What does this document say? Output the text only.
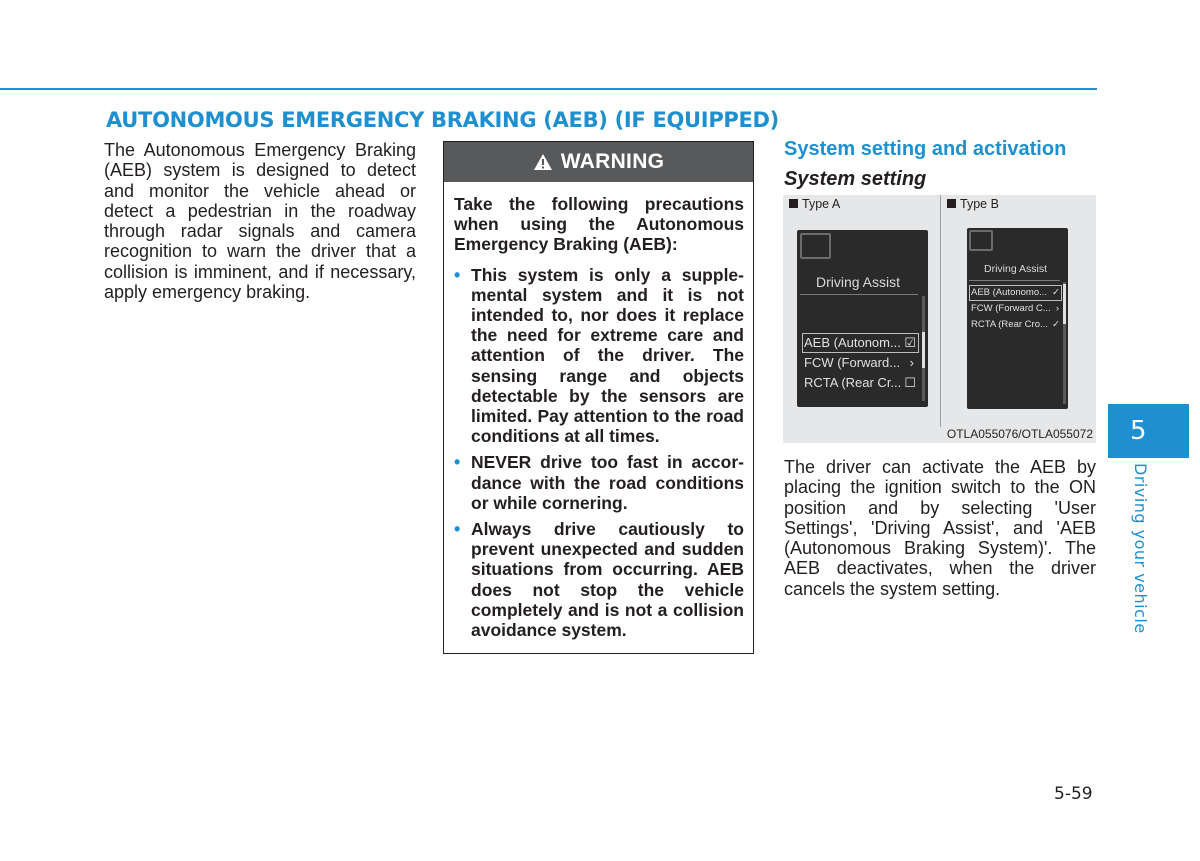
AUTONOMOUS EMERGENCY BRAKING (AEB) (IF EQUIPPED)

The Autonomous Emergency Braking (AEB) system is designed to detect and monitor the vehicle ahead or detect a pedestrian in the roadway through radar signals and camera recognition to warn the driver that a collision is imminent, and if necessary, apply emergency braking.

WARNING

Take the following precautions when using the Autonomous Emergency Braking (AEB):

• This system is only a supplemental system and it is not intended to, nor does it replace the need for extreme care and attention of the driver. The sensing range and objects detectable by the sensors are limited. Pay attention to the road conditions at all times.
• NEVER drive too fast in accordance with the road conditions or while cornering.
• Always drive cautiously to prevent unexpected and sudden situations from occurring. AEB does not stop the vehicle completely and is not a collision avoidance system.
System setting and activation
System setting
Type A	Type B
Driving Assist
AEB (Autonom... ☑
FCW (Forward... ›
RCTA (Rear Cr... ☐
Driving Assist
AEB (Autonomo... ✓
FCW (Forward C... ›
RCTA (Rear Cro... ✓
OTLA055076/OTLA055072

The driver can activate the AEB by placing the ignition switch to the ON position and by selecting 'User Settings', 'Driving Assist', and 'AEB (Autonomous Braking System)'. The AEB deactivates, when the driver cancels the system setting.

5
Driving your vehicle
5-59
